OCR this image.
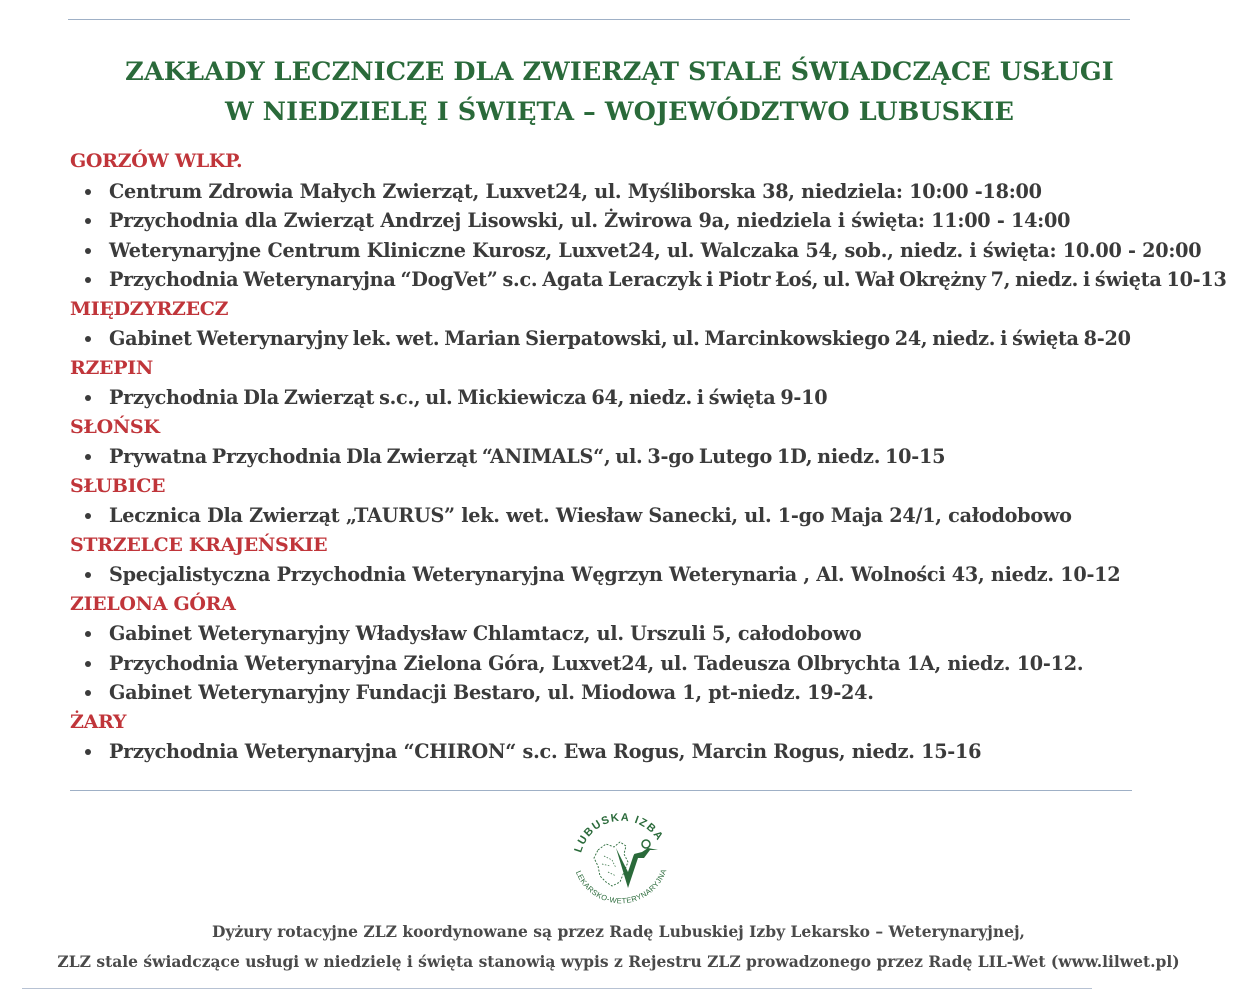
ZAKŁADY LECZNICZE DLA ZWIERZĄT STALE ŚWIADCZĄCE USŁUGI
W NIEDZIELĘ I ŚWIĘTA – WOJEWÓDZTWO LUBUSKIE
GORZÓW WLKP.
Centrum Zdrowia Małych Zwierząt, Luxvet24, ul. Myśliborska 38, niedziela: 10:00 -18:00
Przychodnia dla Zwierząt Andrzej Lisowski, ul. Żwirowa 9a, niedziela i święta: 11:00 - 14:00
Weterynaryjne Centrum Kliniczne Kurosz, Luxvet24, ul. Walczaka 54, sob., niedz. i święta: 10.00 - 20:00
Przychodnia Weterynaryjna “DogVet” s.c. Agata Leraczyk i Piotr Łoś, ul. Wał Okrężny 7, niedz. i święta 10-13
MIĘDZYRZECZ
Gabinet Weterynaryjny lek. wet. Marian Sierpatowski, ul. Marcinkowskiego 24, niedz. i święta 8-20
RZEPIN
Przychodnia Dla Zwierząt s.c., ul. Mickiewicza 64, niedz. i święta 9-10
SŁOŃSK
Prywatna Przychodnia Dla Zwierząt “ANIMALS“, ul. 3-go Lutego 1D, niedz. 10-15
SŁUBICE
Lecznica Dla Zwierząt „TAURUS” lek. wet. Wiesław Sanecki, ul. 1-go Maja 24/1, całodobowo
STRZELCE KRAJEŃSKIE
Specjalistyczna Przychodnia Weterynaryjna Węgrzyn Weterynaria , Al. Wolności 43, niedz. 10-12
ZIELONA GÓRA
Gabinet Weterynaryjny Władysław Chlamtacz, ul. Urszuli 5, całodobowo
Przychodnia Weterynaryjna Zielona Góra, Luxvet24, ul. Tadeusza Olbrychta 1A, niedz. 10-12.
Gabinet Weterynaryjny Fundacji Bestaro, ul. Miodowa 1, pt-niedz. 19-24.
ŻARY
Przychodnia Weterynaryjna “CHIRON“ s.c. Ewa Rogus, Marcin Rogus, niedz. 15-16
LUBUSKA IZBA
LEKARSKO-WETERYNARYJNA
Dyżury rotacyjne ZLZ koordynowane są przez Radę Lubuskiej Izby Lekarsko – Weterynaryjnej,
ZLZ stale świadczące usługi w niedzielę i święta stanowią wypis z Rejestru ZLZ prowadzonego przez Radę LIL-Wet (www.lilwet.pl)
